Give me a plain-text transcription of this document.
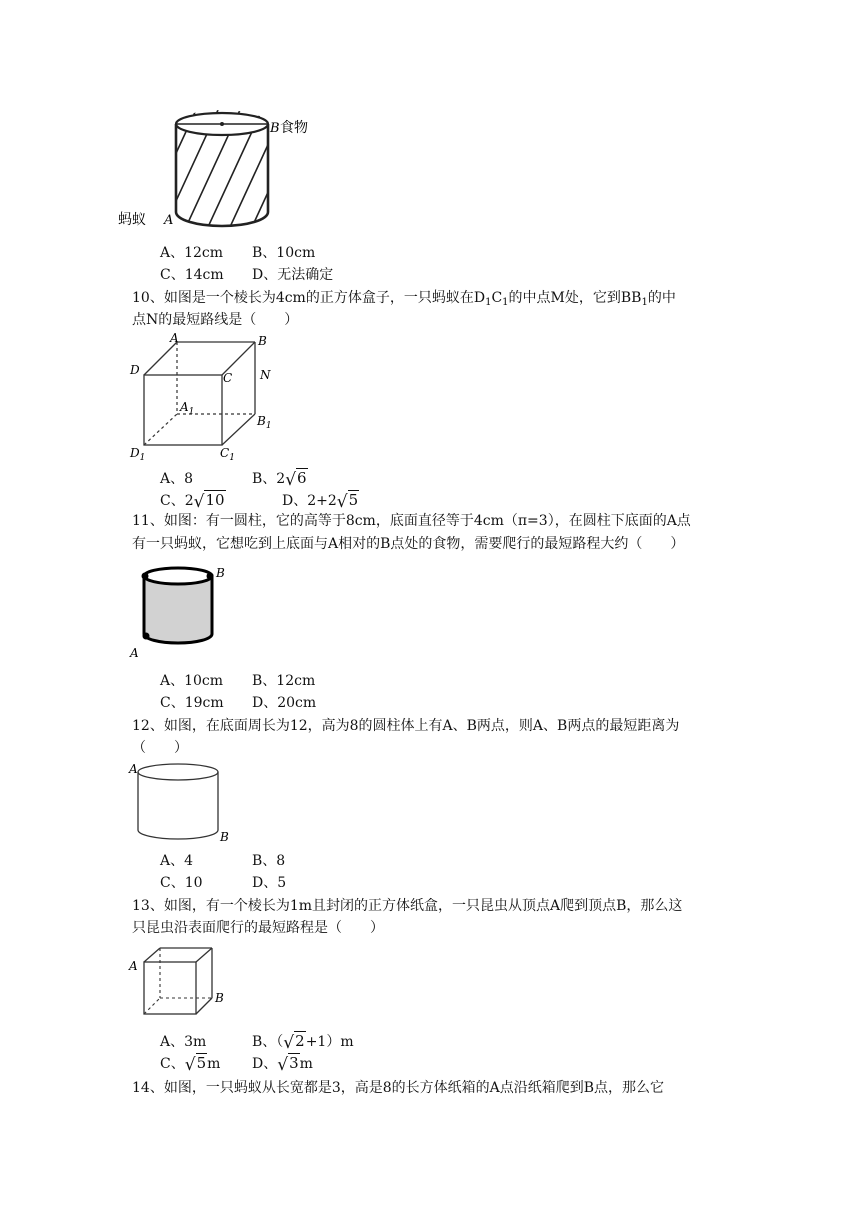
B 食物
蚂蚁 A
A、12cm B、10cm
C、14cm D、无法确定
10、如图是一个棱长为4cm的正方体盒子，一只蚂蚁在$D_1C_1$的中点M处，它到$BB_1$的中
点N的最短路线是（　　）
A	B
D
C N
$A_1$
$B_1$
$D_1$	$C_1$
A、8	B、2√6
C、2√10	D、2+2√5
11、如图：有一圆柱，它的高等于8cm，底面直径等于4cm（π=3），在圆柱下底面的A点
有一只蚂蚁，它想吃到上底面与A相对的B点处的食物，需要爬行的最短路程大约（　　）
B
A
A、10cm B、12cm
C、19cm D、20cm
12、如图，在底面周长为12，高为8的圆柱体上有A、B两点，则A、B两点的最短距离为
（　　）
A
B
A、4	B、8
C、10	D、5
13、如图，有一个棱长为1m且封闭的正方体纸盒，一只昆虫从顶点A爬到顶点B，那么这
只昆虫沿表面爬行的最短路程是（　　）
A
B
A、3m	B、（√2+1）m
C、√5m D、√3m
14、如图，一只蚂蚁从长宽都是3，高是8的长方体纸箱的A点沿纸箱爬到B点，那么它
